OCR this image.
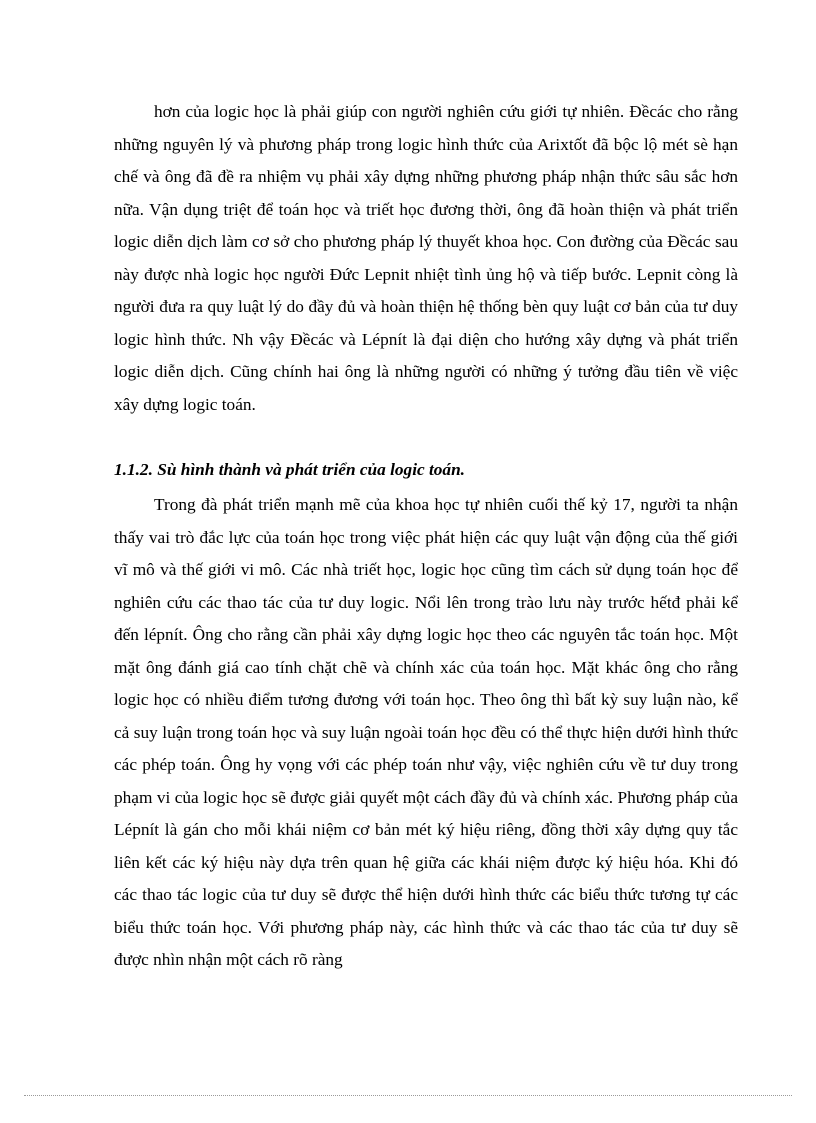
hơn của logic học là phải giúp con người nghiên cứu giới tự nhiên. Đềcác cho rằng những nguyên lý và phương pháp trong logic hình thức của Arixtốt đã bộc lộ mét sè hạn chế và ông đã đề ra nhiệm vụ phải xây dựng những phương pháp nhận thức sâu sắc hơn nữa. Vận dụng triệt để toán học và triết học đương thời, ông đã hoàn thiện và phát triển logic diễn dịch làm cơ sở cho phương pháp lý thuyết khoa học. Con đường của Đềcác sau này được nhà logic học người Đức Lepnit nhiệt tình ủng hộ và tiếp bước. Lepnit còng là người đưa ra quy luật lý do đầy đủ và hoàn thiện hệ thống bèn quy luật cơ bản của tư duy logic hình thức. Nh vậy Đềcác và Lépnít là đại diện cho hướng xây dựng và phát triển logic diễn dịch. Cũng chính hai ông là những người có những ý tưởng đầu tiên về việc xây dựng logic toán.

1.1.2. Sù hình thành và phát triển của logic toán.

Trong đà phát triển mạnh mẽ của khoa học tự nhiên cuối thế kỷ 17, người ta nhận thấy vai trò đắc lực của toán học trong việc phát hiện các quy luật vận động của thế giới vĩ mô và thế giới vi mô. Các nhà triết học, logic học cũng tìm cách sử dụng toán học để nghiên cứu các thao tác của tư duy logic. Nổi lên trong trào lưu này trước hếtđ phải kể đến lépnít. Ông cho rằng cần phải xây dựng logic học theo các nguyên tắc toán học. Một mặt ông đánh giá cao tính chặt chẽ và chính xác của toán học. Mặt khác ông cho rằng logic học có nhiều điểm tương đương với toán học. Theo ông thì bất kỳ suy luận nào, kể cả suy luận trong toán học và suy luận ngoài toán học đều có thể thực hiện dưới hình thức các phép toán. Ông hy vọng với các phép toán như vậy, việc nghiên cứu về tư duy trong phạm vi của logic học sẽ được giải quyết một cách đầy đủ và chính xác. Phương pháp của Lépnít là gán cho mỗi khái niệm cơ bản mét ký hiệu riêng, đồng thời xây dựng quy tắc liên kết các ký hiệu này dựa trên quan hệ giữa các khái niệm được ký hiệu hóa. Khi đó các thao tác logic của tư duy sẽ được thể hiện dưới hình thức các biểu thức tương tự các biểu thức toán học. Với phương pháp này, các hình thức và các thao tác của tư duy sẽ được nhìn nhận một cách rõ ràng
